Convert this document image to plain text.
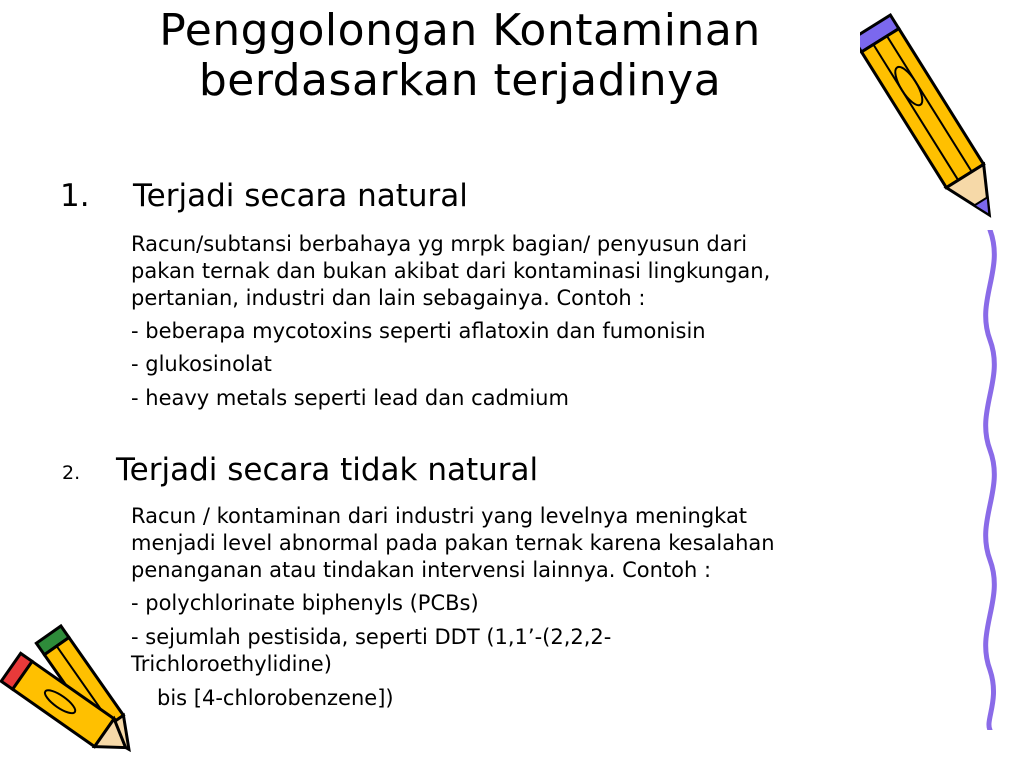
Penggolongan Kontaminan
berdasarkan terjadinya
1. Terjadi secara natural
Racun/subtansi berbahaya yg mrpk bagian/ penyusun dari
pakan ternak dan bukan akibat dari kontaminasi lingkungan,
pertanian, industri dan lain sebagainya. Contoh :
- beberapa mycotoxins seperti aflatoxin dan fumonisin
- glukosinolat
- heavy metals seperti lead dan cadmium
2. Terjadi secara tidak natural
Racun / kontaminan dari industri yang levelnya meningkat
menjadi level abnormal pada pakan ternak karena kesalahan
penanganan atau tindakan intervensi lainnya. Contoh :
- polychlorinate biphenyls (PCBs)
- sejumlah pestisida, seperti DDT (1,1’-(2,2,2-
Trichloroethylidine)
bis [4-chlorobenzene])
